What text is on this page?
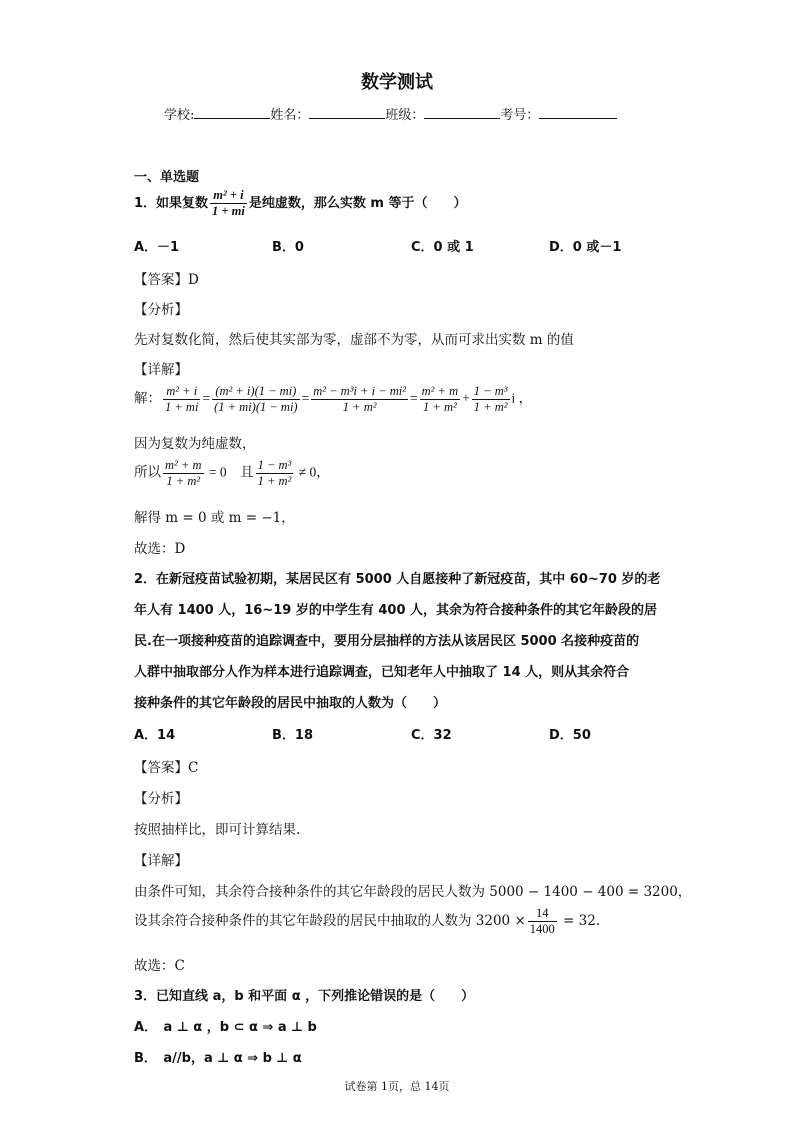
数学测试
学校:	姓名：	班级：	考号：
一、单选题
1．如果复数 $\frac{\text{m² + i}}{1 + mi}$ 是纯虚数，那么实数 m 等于（　　）
A．－1	B．0	C．0 或 1	D．0 或－1
【答案】D
【分析】
先对复数化简，然后使其实部为零，虚部不为零，从而可求出实数 m 的值
【详解】
解： $\frac{\text{m² + i}}{1 + mi} = \frac{\text{(m² + i)(1 − mi)}}{(1 + mi)(1 - mi)} = \frac{\text{m² − m³i + i − mi²}}{\text{1 + m²}} = \frac{\text{m² + m}}{\text{1 + m²}} + \frac{\text{1 − m³}}{\text{1 + m²}}$ i ，
因为复数为纯虚数，
所以 $\frac{\text{m² + m}}{\text{1 + m²}} = 0$　且 $\frac{\text{1 − m³}}{\text{1 + m²}} \ne 0$，
解得 m = 0 或 m = −1，
故选：D
2．在新冠疫苗试验初期，某居民区有 5000 人自愿接种了新冠疫苗，其中 60~70 岁的老
年人有 1400 人，16~19 岁的中学生有 400 人，其余为符合接种条件的其它年龄段的居
民.在一项接种疫苗的追踪调查中，要用分层抽样的方法从该居民区 5000 名接种疫苗的
人群中抽取部分人作为样本进行追踪调查，已知老年人中抽取了 14 人，则从其余符合
接种条件的其它年龄段的居民中抽取的人数为（　　）
A．14	B．18	C．32	D．50
【答案】C
【分析】
按照抽样比，即可计算结果.
【详解】
由条件可知，其余符合接种条件的其它年龄段的居民人数为 5000 − 1400 − 400 = 3200，
设其余符合接种条件的其它年龄段的居民中抽取的人数为 $3200 \times \frac{14}{1400} = 32$.
故选：C
3．已知直线 a，b 和平面 α ，下列推论错误的是（　　）
A．　a ⊥ α ，b ⊂ α ⇒ a ⊥ b
B．　a//b，a ⊥ α ⇒ b ⊥ α
试卷第 1页，总 14页
